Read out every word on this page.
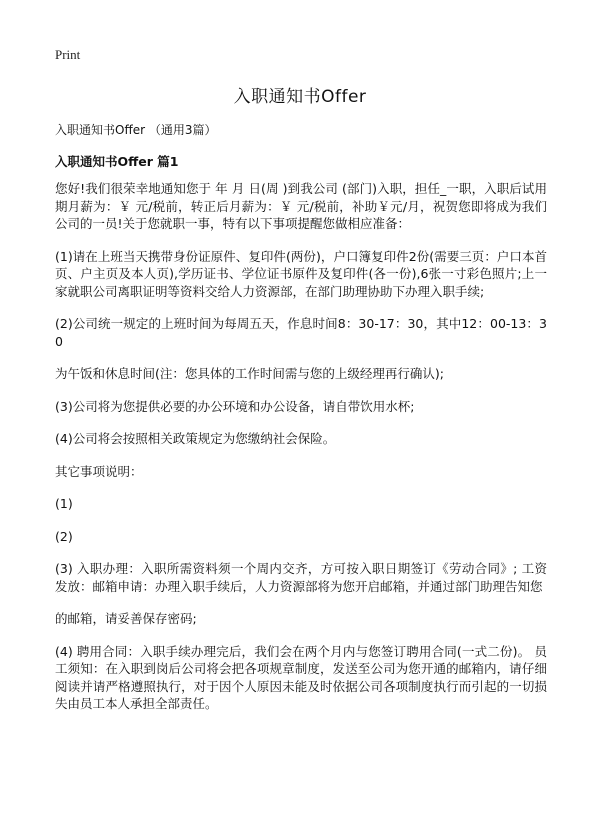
Print
入职通知书Offer

入职通知书Offer （通用3篇）

入职通知书Offer 篇1

您好!我们很荣幸地通知您于 年 月 日(周 )到我公司 (部门)入职，担任_一职，入职后试用期月薪为：￥ 元/税前，转正后月薪为：￥ 元/税前，补助￥元/月，祝贺您即将成为我们公司的一员!关于您就职一事，特有以下事项提醒您做相应准备：

(1)请在上班当天携带身份证原件、复印件(两份)，户口簿复印件2份(需要三页：户口本首页、户主页及本人页),学历证书、学位证书原件及复印件(各一份),6张一寸彩色照片;上一家就职公司离职证明等资料交给人力资源部，在部门助理协助下办理入职手续;

(2)公司统一规定的上班时间为每周五天，作息时间8：30-17：30，其中12：00-13：30

为午饭和休息时间(注：您具体的工作时间需与您的上级经理再行确认);

(3)公司将为您提供必要的办公环境和办公设备，请自带饮用水杯;

(4)公司将会按照相关政策规定为您缴纳社会保险。

其它事项说明：

(1)

(2)

(3) 入职办理：入职所需资料须一个周内交齐，方可按入职日期签订《劳动合同》; 工资发放：邮箱申请：办理入职手续后，人力资源部将为您开启邮箱，并通过部门助理告知您

的邮箱，请妥善保存密码;

(4) 聘用合同：入职手续办理完后，我们会在两个月内与您签订聘用合同(一式二份)。 员工须知：在入职到岗后公司将会把各项规章制度，发送至公司为您开通的邮箱内，请仔细阅读并请严格遵照执行，对于因个人原因未能及时依据公司各项制度执行而引起的一切损失由员工本人承担全部责任。
